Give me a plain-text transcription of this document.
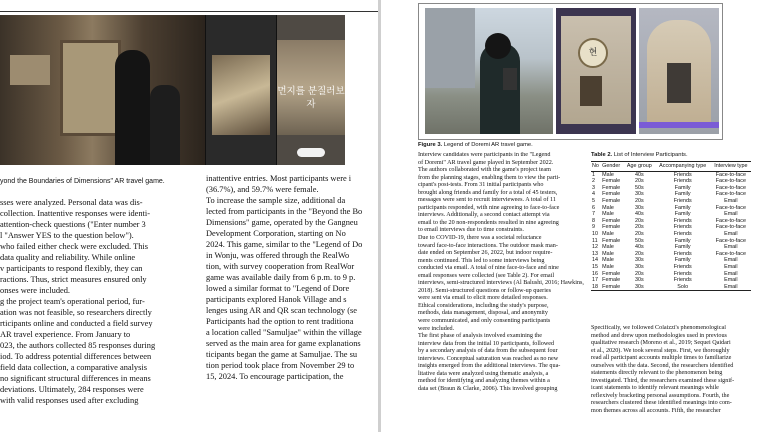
먼지를 분질러보자
yond the Boundaries of Dimensions" AR travel game.
sses were analyzed. Personal data was dis-
collection. Inattentive responses were identi-
attention-check questions ("Enter number 3
l "Answer YES to the question below").
who failed either check were excluded. This
data quality and reliability. While online
v participants to respond flexibly, they can
ractions. Thus, strict measures ensured only
onses were included.
g the project team's operational period, fur-
ation was not feasible, so researchers directly
rticipants online and conducted a field survey
AR travel experience. From January to
023, the authors collected 85 responses during
iod. To address potential differences between
field data collection, a comparative analysis
no significant structural differences in means
deviations. Ultimately, 284 responses were
with valid responses used after excluding
inattentive entries. Most participants were i
(36.7%), and 59.7% were female.
To increase the sample size, additional da
lected from participants in the "Beyond the Bo
Dimensions" game, operated by the Gangneu
Development Corporation, starting on No
2024. This game, similar to the "Legend of Do
in Wonju, was offered through the RealWo
tion, with survey cooperation from RealWor
game was available daily from 6 p.m. to 9 p.
lowed a similar format to "Legend of Dore
participants explored Hanok Village and s
lenges using AR and QR scan technology (se
Participants had the option to rent traditiona
a location called "Samuljae" within the village
served as the main area for game explanations
ticipants began the game at Samuljae. The su
tion period took place from November 29 to
15, 2024. To encourage participation, the
현
Figure 3. Legend of Doremi AR travel game.
Interview candidates were participants in the "Legend
of Doremi" AR travel game played in September 2022.
The authors collaborated with the game's project team
from the planning stages, enabling them to view the parti-
cipant's post-tests. From 31 initial participants who
brought along friends and family for a total of 45 testers,
messages were sent to recruit interviewees. A total of 11
participants responded, with nine agreeing to face-to-face
interviews. Additionally, a second contact attempt via
email to the 20 non-respondents resulted in nine agreeing
to email interviews due to time constraints.
Due to COVID-19, there was a societal reluctance
toward face-to-face interactions. The outdoor mask man-
date ended on September 26, 2022, but indoor require-
ments continued. This led to some interviews being
conducted via email. A total of nine face-to-face and nine
email responses were collected (see Table 2). For email
interviews, semi-structured interviews (Al Balushi, 2016; Hawkins,
2018). Semi-structured questions or follow-up queries
were sent via email to elicit more detailed responses.
Ethical considerations, including the study's purpose,
methods, data management, disposal, and anonymity
were communicated, and only consenting participants
were included.
The first phase of analysis involved examining the
interview data from the initial 10 participants, followed
by a secondary analysis of data from the subsequent four
interviews. Conceptual saturation was reached as no new
insights emerged from the additional interviews. The qua-
litative data were analyzed using thematic analysis, a
method for identifying and analyzing themes within a
data set (Braun & Clarke, 2006). This involved grouping
Table 2. List of Interview Participants.
No	Gender	Age group	Accompanying type	Interview type
1	Male	40s	Friends	Face-to-face
2	Female	20s	Friends	Face-to-face
3	Female	50s	Family	Face-to-face
4	Female	30s	Family	Face-to-face
5	Female	20s	Friends	Email
6	Male	30s	Family	Face-to-face
7	Male	40s	Family	Email
8	Female	20s	Friends	Face-to-face
9	Female	20s	Friends	Face-to-face
10	Male	20s	Friends	Email
11	Female	50s	Family	Face-to-face
12	Male	40s	Family	Email
13	Male	20s	Friends	Face-to-face
14	Male	30s	Family	Email
15	Male	30s	Friends	Email
16	Female	20s	Friends	Email
17	Female	30s	Friends	Email
18	Female	30s	Solo	Email
Specifically, we followed Colaizzi's phenomenological
method and drew upon methodologies used in previous
qualitative research (Moreno et al., 2019; Sequei Qaidari
et al., 2020). We took several steps. First, we thoroughly
read all participant accounts multiple times to familiarize
ourselves with the data. Second, the researchers identified
statements directly relevant to the phenomenon being
investigated. Third, the researchers examined these signif-
icant statements to identify relevant meanings while
reflexively bracketing personal assumptions. Fourth, the
researchers clustered these identified meanings into com-
mon themes across all accounts. Fifth, the researcher
